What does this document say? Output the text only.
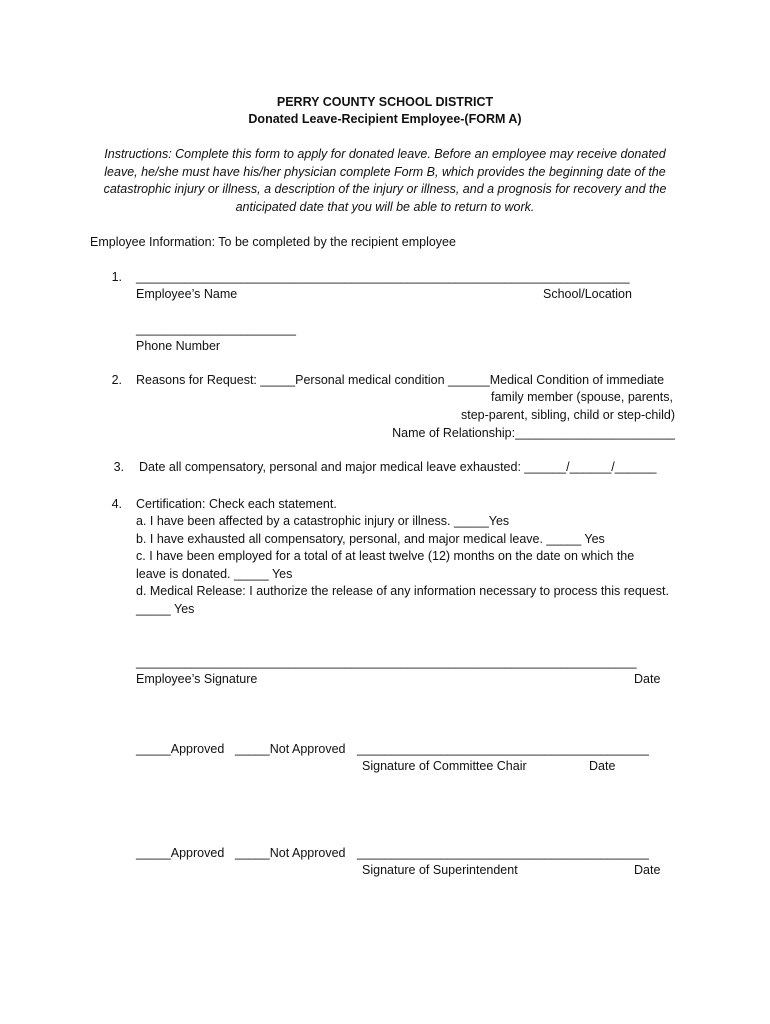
PERRY COUNTY SCHOOL DISTRICT
Donated Leave-Recipient Employee-(FORM A)
Instructions: Complete this form to apply for donated leave. Before an employee may receive donated leave, he/she must have his/her physician complete Form B, which provides the beginning date of the catastrophic injury or illness, a description of the injury or illness, and a prognosis for recovery and the anticipated date that you will be able to return to work.
Employee Information: To be completed by the recipient employee
1. _______________________________________________________________________
Employee’s Name	School/Location
_______________________
Phone Number
2. Reasons for Request: _____Personal medical condition ______Medical Condition of immediate
family member (spouse, parents,
step-parent, sibling, child or step-child)
Name of Relationship:_______________________
3. Date all compensatory, personal and major medical leave exhausted: ______/______/______
4. Certification: Check each statement.
a. I have been affected by a catastrophic injury or illness. _____Yes
b. I have exhausted all compensatory, personal, and major medical leave. _____ Yes
c. I have been employed for a total of at least twelve (12) months on the date on which the
leave is donated. _____ Yes
d. Medical Release: I authorize the release of any information necessary to process this request.
_____ Yes
________________________________________________________________________
Employee’s Signature	Date
_____Approved _____Not Approved __________________________________________
Signature of Committee Chair	Date
_____Approved _____Not Approved __________________________________________
Signature of Superintendent	Date
